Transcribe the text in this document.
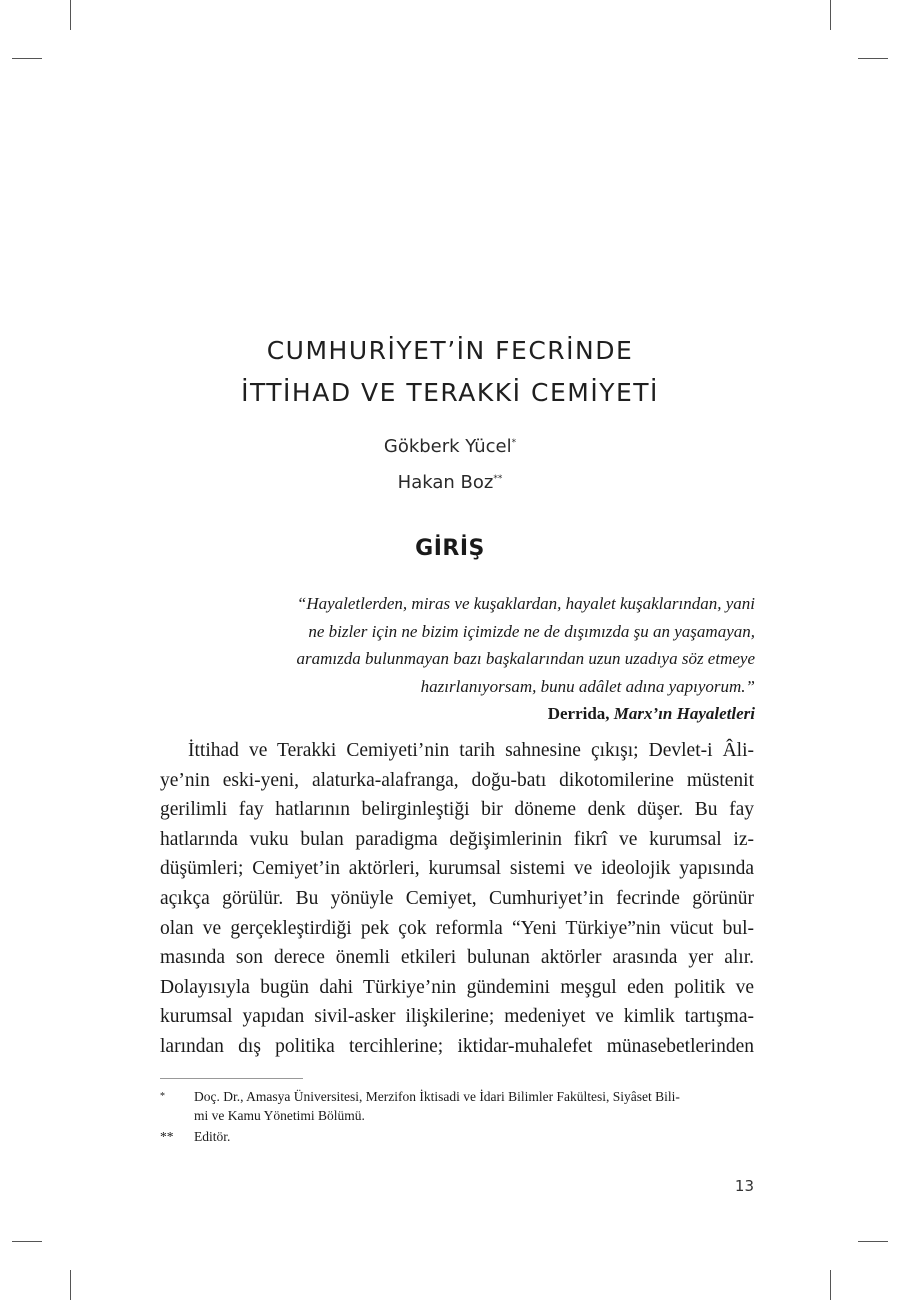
CUMHURİYET’İN FECRİNDE
İTTİHAD VE TERAKKİ CEMİYETİ
Gökberk Yücel*
Hakan Boz**
GİRİŞ
“Hayaletlerden, miras ve kuşaklardan, hayalet kuşaklarından, yani
ne bizler için ne bizim içimizde ne de dışımızda şu an yaşamayan,
aramızda bulunmayan bazı başkalarından uzun uzadıya söz etmeye
hazırlanıyorsam, bunu adâlet adına yapıyorum.”
Derrida, Marx’ın Hayaletleri
İttihad ve Terakki Cemiyeti’nin tarih sahnesine çıkışı; Devlet-i Âli-
ye’nin eski-yeni, alaturka-alafranga, doğu-batı dikotomilerine müstenit
gerilimli fay hatlarının belirginleştiği bir döneme denk düşer. Bu fay
hatlarında vuku bulan paradigma değişimlerinin fikrî ve kurumsal iz-
düşümleri; Cemiyet’in aktörleri, kurumsal sistemi ve ideolojik yapısında
açıkça görülür. Bu yönüyle Cemiyet, Cumhuriyet’in fecrinde görünür
olan ve gerçekleştirdiği pek çok reformla “Yeni Türkiye”nin vücut bul-
masında son derece önemli etkileri bulunan aktörler arasında yer alır.
Dolayısıyla bugün dahi Türkiye’nin gündemini meşgul eden politik ve
kurumsal yapıdan sivil-asker ilişkilerine; medeniyet ve kimlik tartışma-
larından dış politika tercihlerine; iktidar-muhalefet münasebetlerinden
* Doç. Dr., Amasya Üniversitesi, Merzifon İktisadi ve İdari Bilimler Fakültesi, Siyâset Bili-
mi ve Kamu Yönetimi Bölümü.
** Editör.
13
